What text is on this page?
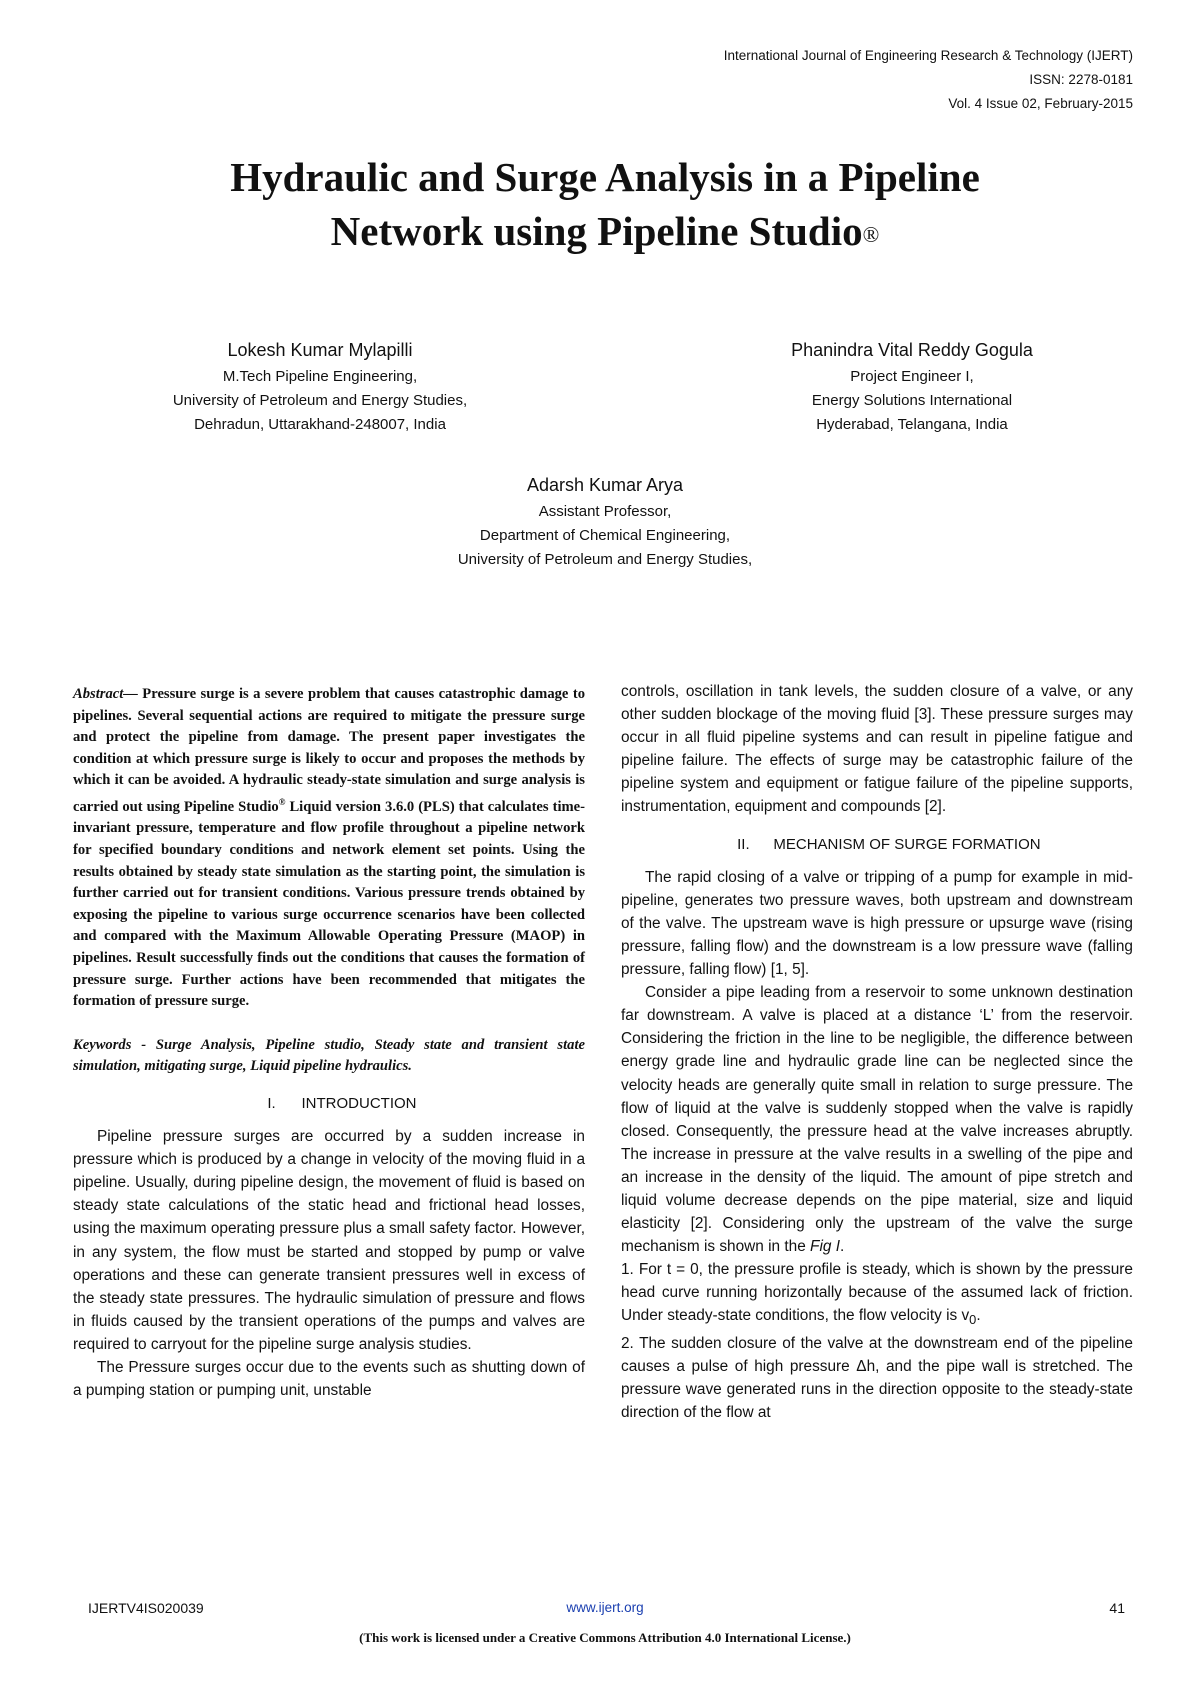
International Journal of Engineering Research & Technology (IJERT)
ISSN: 2278-0181
Vol. 4 Issue 02, February-2015
Hydraulic and Surge Analysis in a Pipeline
Network using Pipeline Studio®
Lokesh Kumar Mylapilli
M.Tech Pipeline Engineering,
University of Petroleum and Energy Studies,
Dehradun, Uttarakhand-248007, India
Phanindra Vital Reddy Gogula
Project Engineer I,
Energy Solutions International
Hyderabad, Telangana, India
Adarsh Kumar Arya
Assistant Professor,
Department of Chemical Engineering,
University of Petroleum and Energy Studies,

Abstract— Pressure surge is a severe problem that causes catastrophic damage to pipelines. Several sequential actions are required to mitigate the pressure surge and protect the pipeline from damage. The present paper investigates the condition at which pressure surge is likely to occur and proposes the methods by which it can be avoided. A hydraulic steady-state simulation and surge analysis is carried out using Pipeline Studio® Liquid version 3.6.0 (PLS) that calculates time-invariant pressure, temperature and flow profile throughout a pipeline network for specified boundary conditions and network element set points. Using the results obtained by steady state simulation as the starting point, the simulation is further carried out for transient conditions. Various pressure trends obtained by exposing the pipeline to various surge occurrence scenarios have been collected and compared with the Maximum Allowable Operating Pressure (MAOP) in pipelines. Result successfully finds out the conditions that causes the formation of pressure surge. Further actions have been recommended that mitigates the formation of pressure surge.

Keywords - Surge Analysis, Pipeline studio, Steady state and transient state simulation, mitigating surge, Liquid pipeline hydraulics.

I. INTRODUCTION

Pipeline pressure surges are occurred by a sudden increase in pressure which is produced by a change in velocity of the moving fluid in a pipeline. Usually, during pipeline design, the movement of fluid is based on steady state calculations of the static head and frictional head losses, using the maximum operating pressure plus a small safety factor. However, in any system, the flow must be started and stopped by pump or valve operations and these can generate transient pressures well in excess of the steady state pressures. The hydraulic simulation of pressure and flows in fluids caused by the transient operations of the pumps and valves are required to carryout for the pipeline surge analysis studies.

The Pressure surges occur due to the events such as shutting down of a pumping station or pumping unit, unstable

controls, oscillation in tank levels, the sudden closure of a valve, or any other sudden blockage of the moving fluid [3]. These pressure surges may occur in all fluid pipeline systems and can result in pipeline fatigue and pipeline failure. The effects of surge may be catastrophic failure of the pipeline system and equipment or fatigue failure of the pipeline supports, instrumentation, equipment and compounds [2].

II. MECHANISM OF SURGE FORMATION

The rapid closing of a valve or tripping of a pump for example in mid- pipeline, generates two pressure waves, both upstream and downstream of the valve. The upstream wave is high pressure or upsurge wave (rising pressure, falling flow) and the downstream is a low pressure wave (falling pressure, falling flow) [1, 5].

Consider a pipe leading from a reservoir to some unknown destination far downstream. A valve is placed at a distance ‘L’ from the reservoir. Considering the friction in the line to be negligible, the difference between energy grade line and hydraulic grade line can be neglected since the velocity heads are generally quite small in relation to surge pressure. The flow of liquid at the valve is suddenly stopped when the valve is rapidly closed. Consequently, the pressure head at the valve increases abruptly. The increase in pressure at the valve results in a swelling of the pipe and an increase in the density of the liquid. The amount of pipe stretch and liquid volume decrease depends on the pipe material, size and liquid elasticity [2]. Considering only the upstream of the valve the surge mechanism is shown in the Fig I.

1. For t = 0, the pressure profile is steady, which is shown by the pressure head curve running horizontally because of the assumed lack of friction. Under steady-state conditions, the flow velocity is $v_0$.

2. The sudden closure of the valve at the downstream end of the pipeline causes a pulse of high pressure Δh, and the pipe wall is stretched. The pressure wave generated runs in the direction opposite to the steady-state direction of the flow at

IJERTV4IS020039	www.ijert.org	41
(This work is licensed under a Creative Commons Attribution 4.0 International License.)
